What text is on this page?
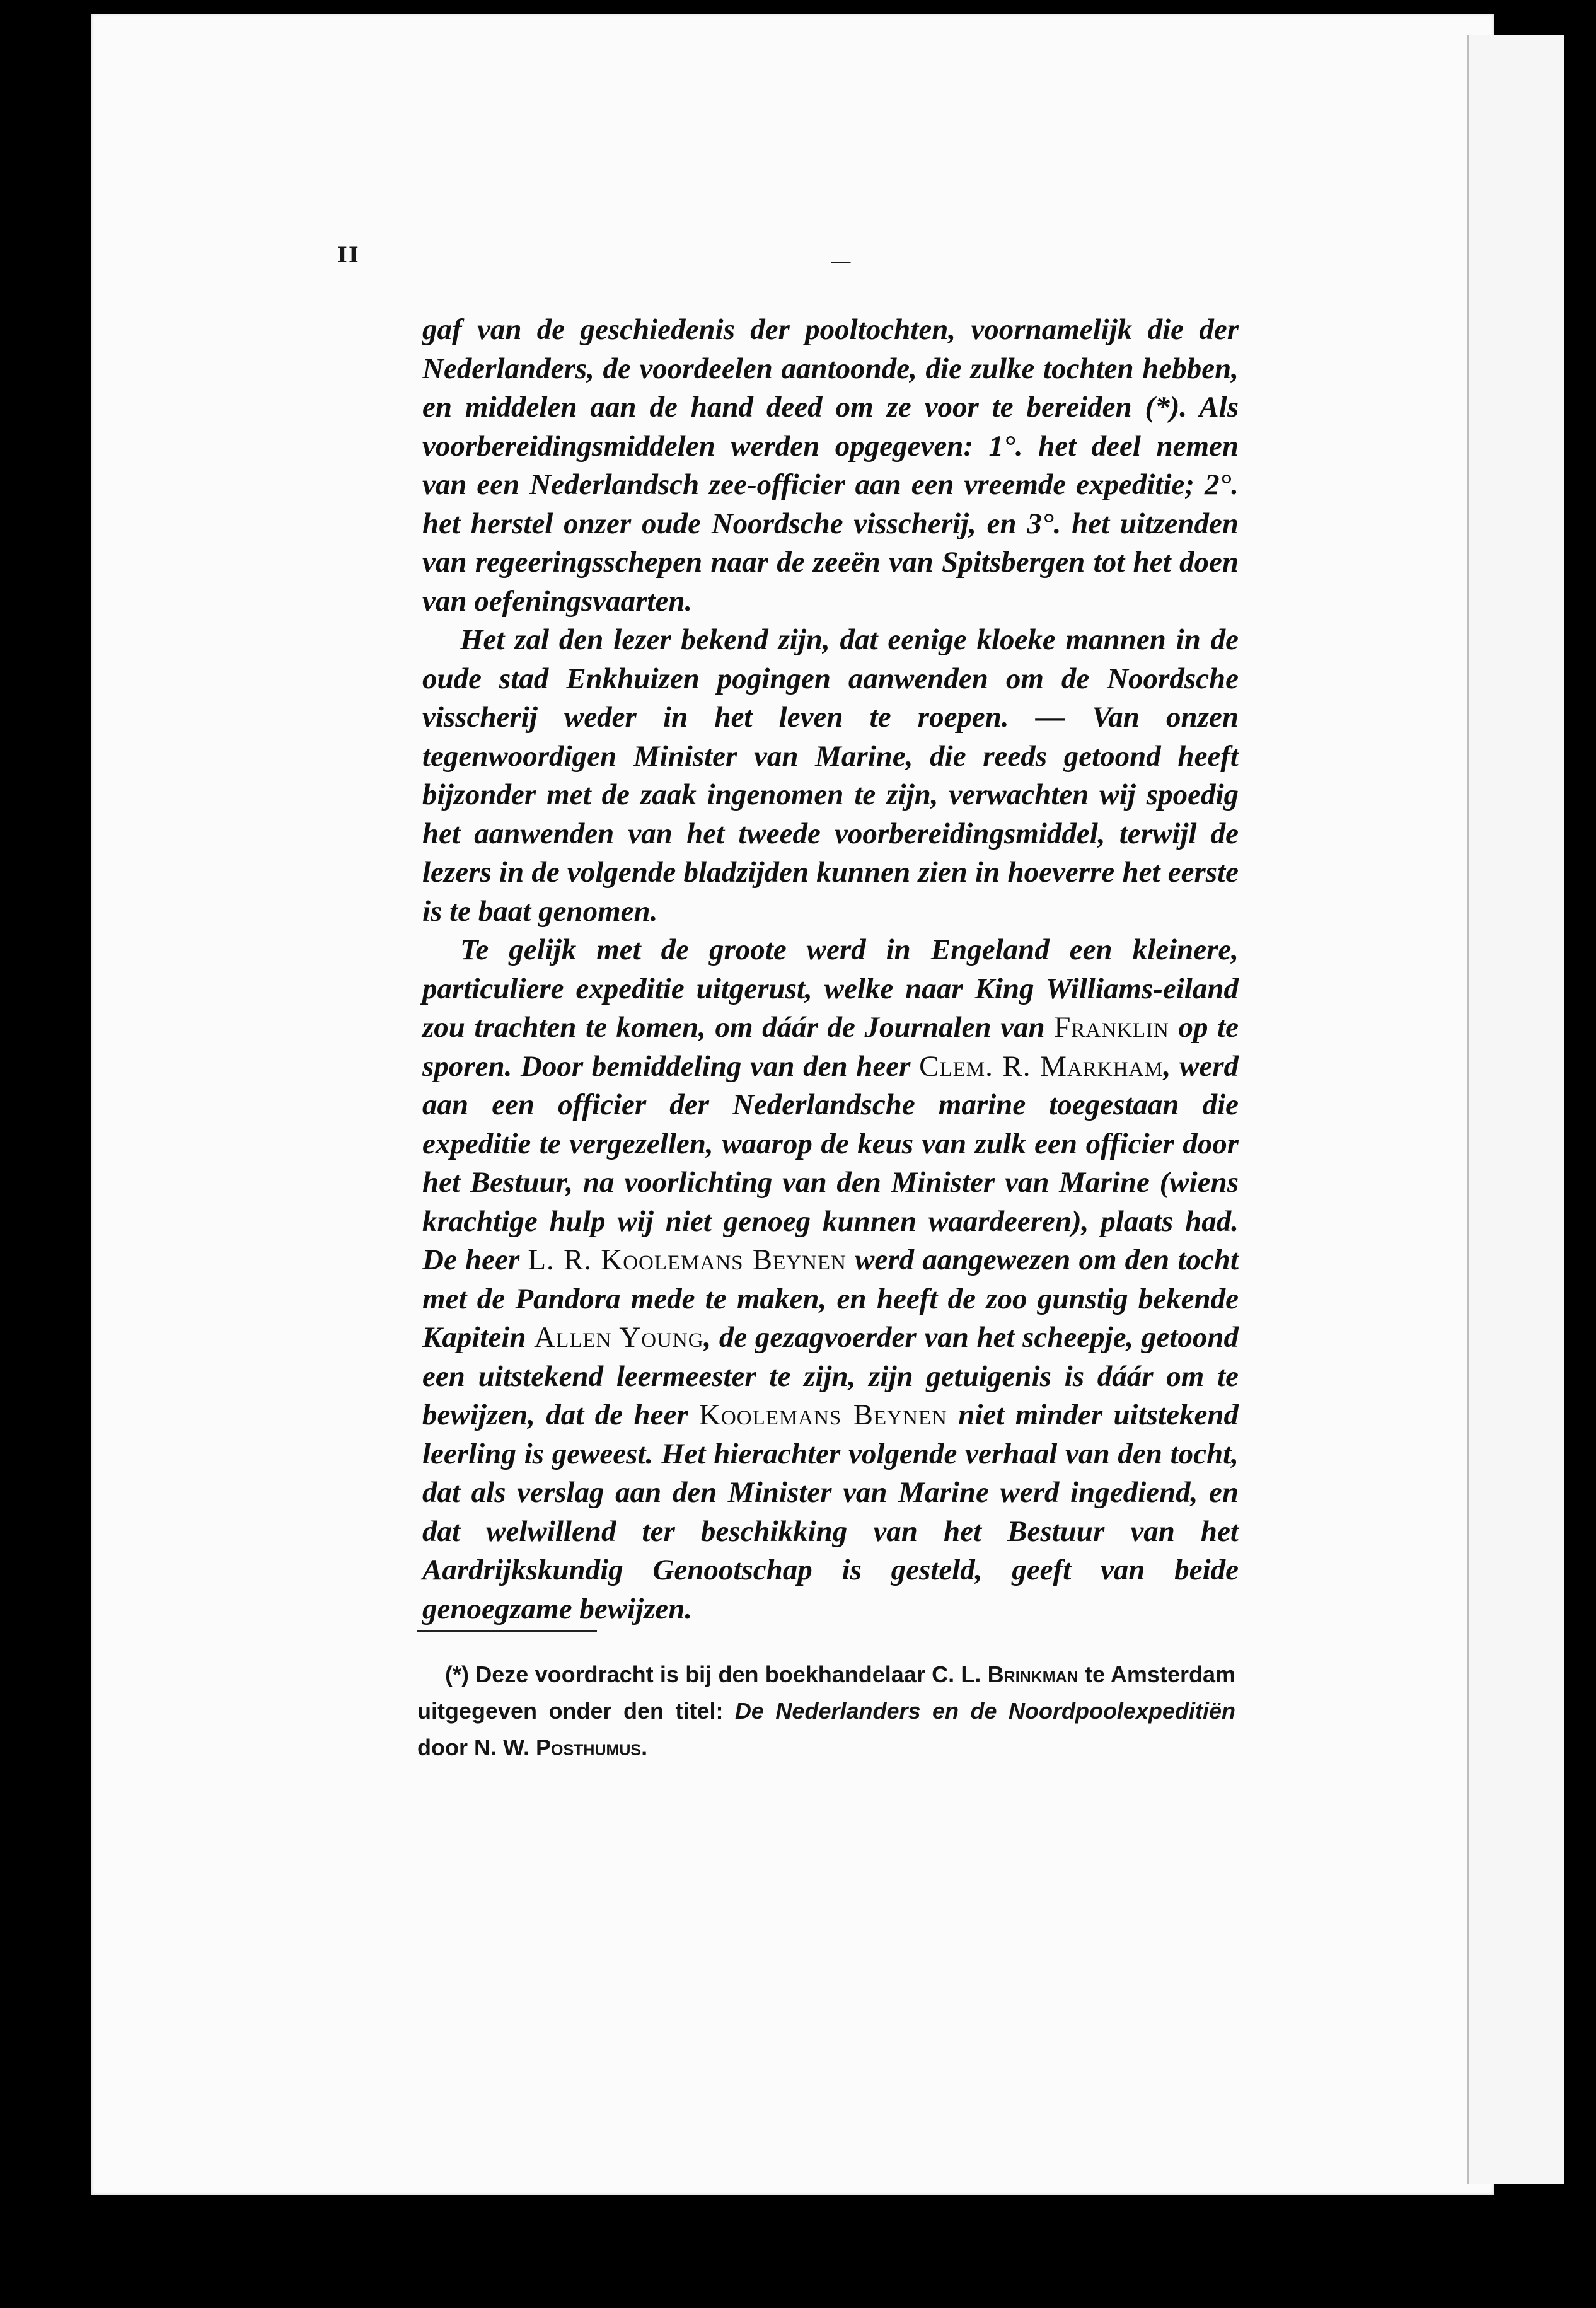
II	—

gaf van de geschiedenis der pooltochten, voornamelijk die der Nederlanders, de voordeelen aantoonde, die zulke tochten hebben, en middelen aan de hand deed om ze voor te bereiden (*). Als voorbereidingsmiddelen werden opgegeven: 1°. het deel nemen van een Nederlandsch zee-officier aan een vreemde expeditie; 2°. het herstel onzer oude Noordsche visscherij, en 3°. het uitzenden van regeeringsschepen naar de zeeën van Spitsbergen tot het doen van oefeningsvaarten.

Het zal den lezer bekend zijn, dat eenige kloeke mannen in de oude stad Enkhuizen pogingen aanwenden om de Noordsche visscherij weder in het leven te roepen. — Van onzen tegenwoordigen Minister van Marine, die reeds getoond heeft bijzonder met de zaak ingenomen te zijn, verwachten wij spoedig het aanwenden van het tweede voorbereidingsmiddel, terwijl de lezers in de volgende bladzijden kunnen zien in hoeverre het eerste is te baat genomen.

Te gelijk met de groote werd in Engeland een kleinere, particuliere expeditie uitgerust, welke naar King Williams-eiland zou trachten te komen, om dáár de Journalen van Franklin op te sporen. Door bemiddeling van den heer Clem. R. Markham, werd aan een officier der Nederlandsche marine toegestaan die expeditie te vergezellen, waarop de keus van zulk een officier door het Bestuur, na voorlichting van den Minister van Marine (wiens krachtige hulp wij niet genoeg kunnen waardeeren), plaats had. De heer L. R. Koolemans Beynen werd aangewezen om den tocht met de Pandora mede te maken, en heeft de zoo gunstig bekende Kapitein Allen Young, de gezagvoerder van het scheepje, getoond een uitstekend leermeester te zijn, zijn getuigenis is dáár om te bewijzen, dat de heer Koolemans Beynen niet minder uitstekend leerling is geweest. Het hierachter volgende verhaal van den tocht, dat als verslag aan den Minister van Marine werd ingediend, en dat welwillend ter beschikking van het Bestuur van het Aardrijkskundig Genootschap is gesteld, geeft van beide genoegzame bewijzen.

(*) Deze voordracht is bij den boekhandelaar C. L. Brinkman te Amsterdam uitgegeven onder den titel: De Nederlanders en de Noordpoolexpeditiën door N. W. Posthumus.
